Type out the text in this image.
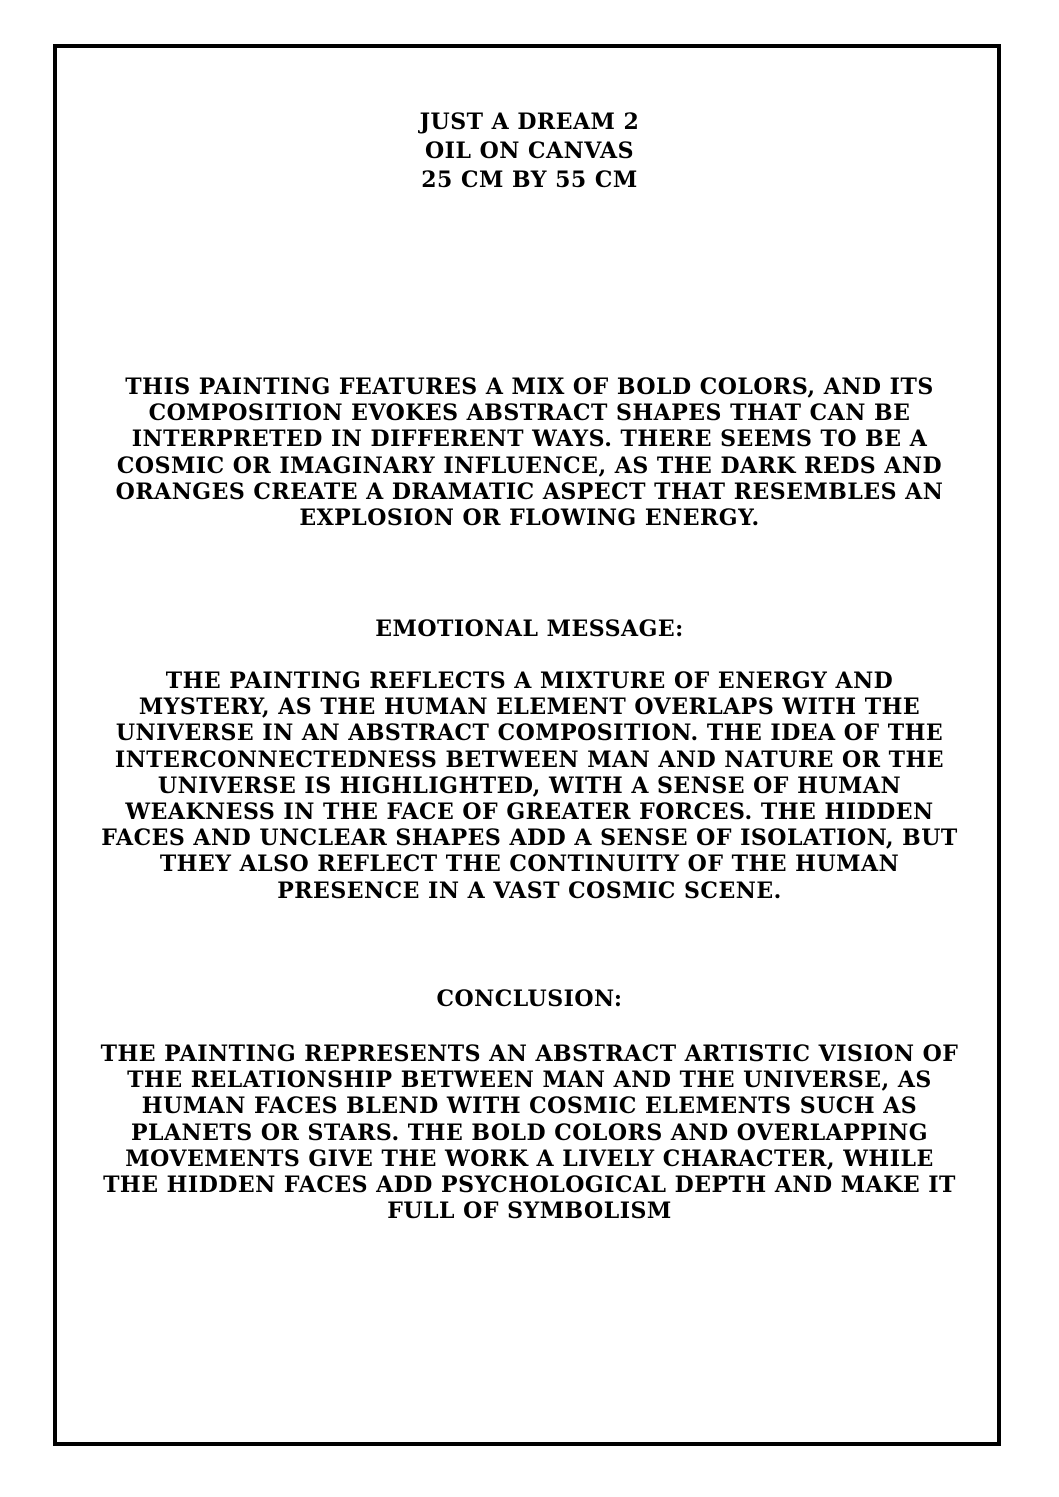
JUST A DREAM 2
OIL ON CANVAS
25 CM BY 55 CM

THIS PAINTING FEATURES A MIX OF BOLD COLORS, AND ITS COMPOSITION EVOKES ABSTRACT SHAPES THAT CAN BE INTERPRETED IN DIFFERENT WAYS. THERE SEEMS TO BE A COSMIC OR IMAGINARY INFLUENCE, AS THE DARK REDS AND ORANGES CREATE A DRAMATIC ASPECT THAT RESEMBLES AN EXPLOSION OR FLOWING ENERGY.

EMOTIONAL MESSAGE:

THE PAINTING REFLECTS A MIXTURE OF ENERGY AND MYSTERY, AS THE HUMAN ELEMENT OVERLAPS WITH THE UNIVERSE IN AN ABSTRACT COMPOSITION. THE IDEA OF THE INTERCONNECTEDNESS BETWEEN MAN AND NATURE OR THE UNIVERSE IS HIGHLIGHTED, WITH A SENSE OF HUMAN WEAKNESS IN THE FACE OF GREATER FORCES. THE HIDDEN FACES AND UNCLEAR SHAPES ADD A SENSE OF ISOLATION, BUT THEY ALSO REFLECT THE CONTINUITY OF THE HUMAN PRESENCE IN A VAST COSMIC SCENE.

CONCLUSION:

THE PAINTING REPRESENTS AN ABSTRACT ARTISTIC VISION OF THE RELATIONSHIP BETWEEN MAN AND THE UNIVERSE, AS HUMAN FACES BLEND WITH COSMIC ELEMENTS SUCH AS PLANETS OR STARS. THE BOLD COLORS AND OVERLAPPING MOVEMENTS GIVE THE WORK A LIVELY CHARACTER, WHILE THE HIDDEN FACES ADD PSYCHOLOGICAL DEPTH AND MAKE IT FULL OF SYMBOLISM
